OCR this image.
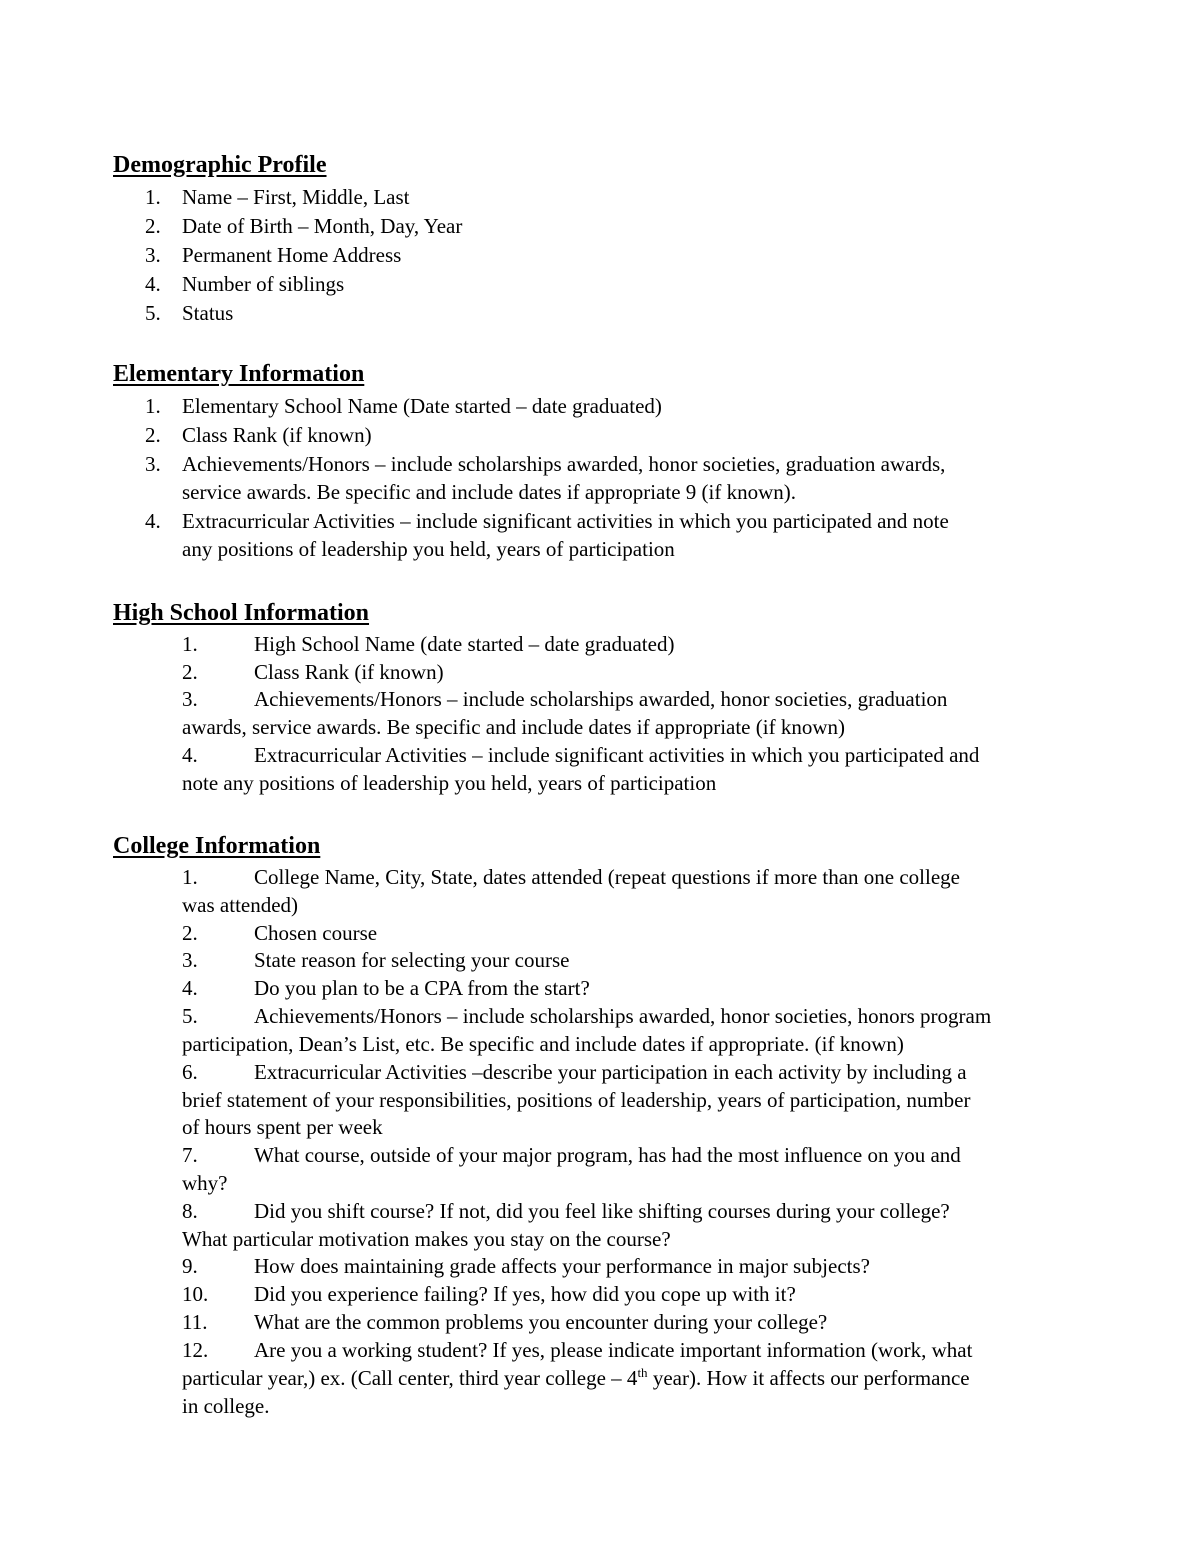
Demographic Profile
1.	Name – First, Middle, Last
2.	Date of Birth – Month, Day, Year
3.	Permanent Home Address
4.	Number of siblings
5.	Status
Elementary Information
1.	Elementary School Name (Date started – date graduated)
2.	Class Rank (if known)
3.	Achievements/Honors – include scholarships awarded, honor societies, graduation awards,
service awards. Be specific and include dates if appropriate 9 (if known).
4.	Extracurricular Activities – include significant activities in which you participated and note
any positions of leadership you held, years of participation
High School Information
1.	High School Name (date started – date graduated)
2.	Class Rank (if known)
3.	Achievements/Honors – include scholarships awarded, honor societies, graduation
awards, service awards. Be specific and include dates if appropriate (if known)
4.	Extracurricular Activities – include significant activities in which you participated and
note any positions of leadership you held, years of participation
College Information
1.	College Name, City, State, dates attended (repeat questions if more than one college
was attended)
2.	Chosen course
3.	State reason for selecting your course
4.	Do you plan to be a CPA from the start?
5.	Achievements/Honors – include scholarships awarded, honor societies, honors program
participation, Dean’s List, etc. Be specific and include dates if appropriate. (if known)
6.	Extracurricular Activities –describe your participation in each activity by including a
brief statement of your responsibilities, positions of leadership, years of participation, number
of hours spent per week
7.	What course, outside of your major program, has had the most influence on you and
why?
8.	Did you shift course? If not, did you feel like shifting courses during your college?
What particular motivation makes you stay on the course?
9.	How does maintaining grade affects your performance in major subjects?
10. Did you experience failing? If yes, how did you cope up with it?
11. What are the common problems you encounter during your college?
12. Are you a working student? If yes, please indicate important information (work, what
particular year,) ex. (Call center, third year college – 4th year). How it affects our performance
in college.
